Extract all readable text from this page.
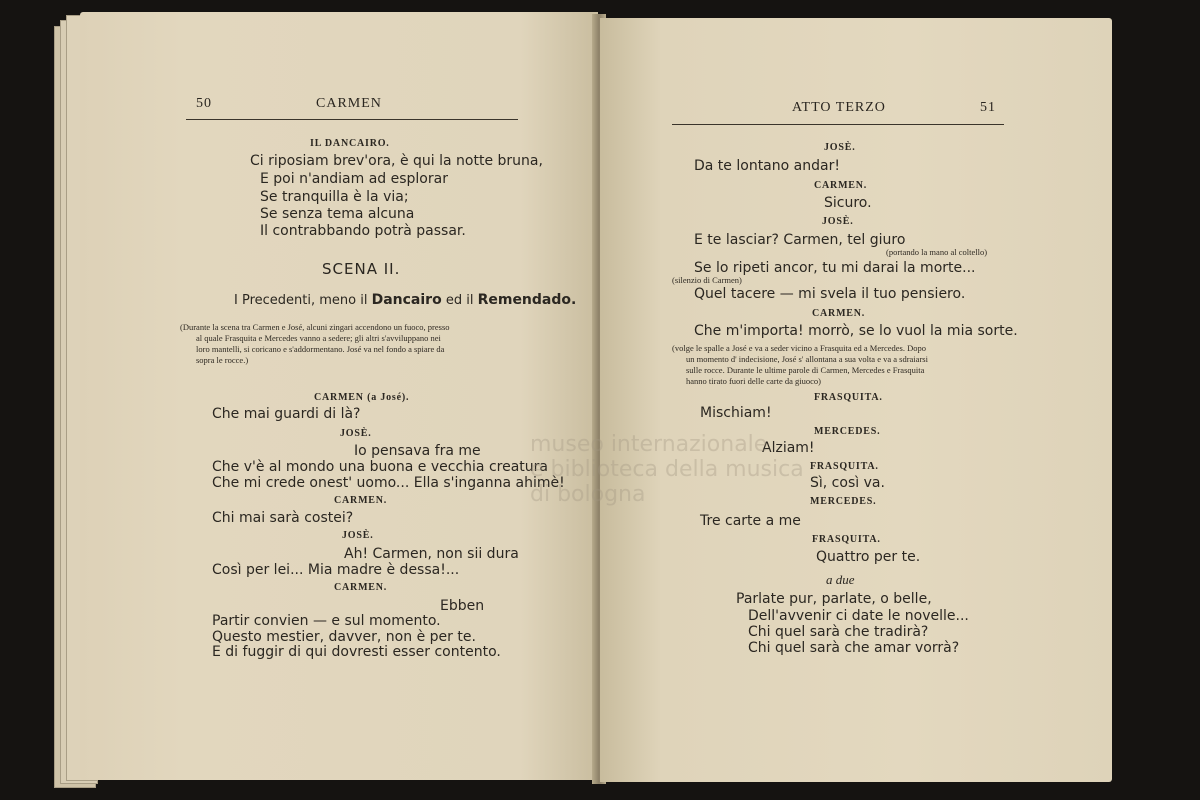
50	CARMEN
IL DANCAIRO.
Ci riposiam brev'ora, è qui la notte bruna,
E poi n'andiam ad esplorar
Se tranquilla è la via;
Se senza tema alcuna
Il contrabbando potrà passar.
SCENA II.
I Precedenti, meno il Dancairo ed il Remendado.
(Durante la scena tra Carmen e José, alcuni zingari accendono un fuoco, presso
al quale Frasquita e Mercedes vanno a sedere; gli altri s'avviluppano nei
loro mantelli, si coricano e s'addormentano. José va nel fondo a spiare da
sopra le rocce.)
CARMEN (a José).
Che mai guardi di là?
JOSÈ.
Io pensava fra me
Che v'è al mondo una buona e vecchia creatura
Che mi crede onest' uomo... Ella s'inganna ahimè!
CARMEN.
Chi mai sarà costei?
JOSÈ.
Ah! Carmen, non sii dura
Così per lei... Mia madre è dessa!...
CARMEN.
Ebben
Partir convien — e sul momento.
Questo mestier, davver, non è per te.
E di fuggir di qui dovresti esser contento.
ATTO TERZO	51
JOSÈ.
Da te lontano andar!
CARMEN.
Sicuro.
JOSÈ.
E te lasciar? Carmen, tel giuro
(portando la mano al coltello)
Se lo ripeti ancor, tu mi darai la morte...
(silenzio di Carmen)
Quel tacere — mi svela il tuo pensiero.
CARMEN.
Che m'importa! morrò, se lo vuol la mia sorte.
(volge le spalle a José e va a seder vicino a Frasquita ed a Mercedes. Dopo
un momento d' indecisione, José s' allontana a sua volta e va a sdraiarsi
sulle rocce. Durante le ultime parole di Carmen, Mercedes e Frasquita
hanno tirato fuori delle carte da giuoco)
FRASQUITA.
Mischiam!
MERCEDES.
Alziam!
FRASQUITA.
Sì, così va.
MERCEDES.
Tre carte a me
FRASQUITA.
Quattro per te.
a due
Parlate pur, parlate, o belle,
Dell'avvenir ci date le novelle...
Chi quel sarà che tradirà?
Chi quel sarà che amar vorrà?
museo internazionale
e biblioteca della musica
di bologna
